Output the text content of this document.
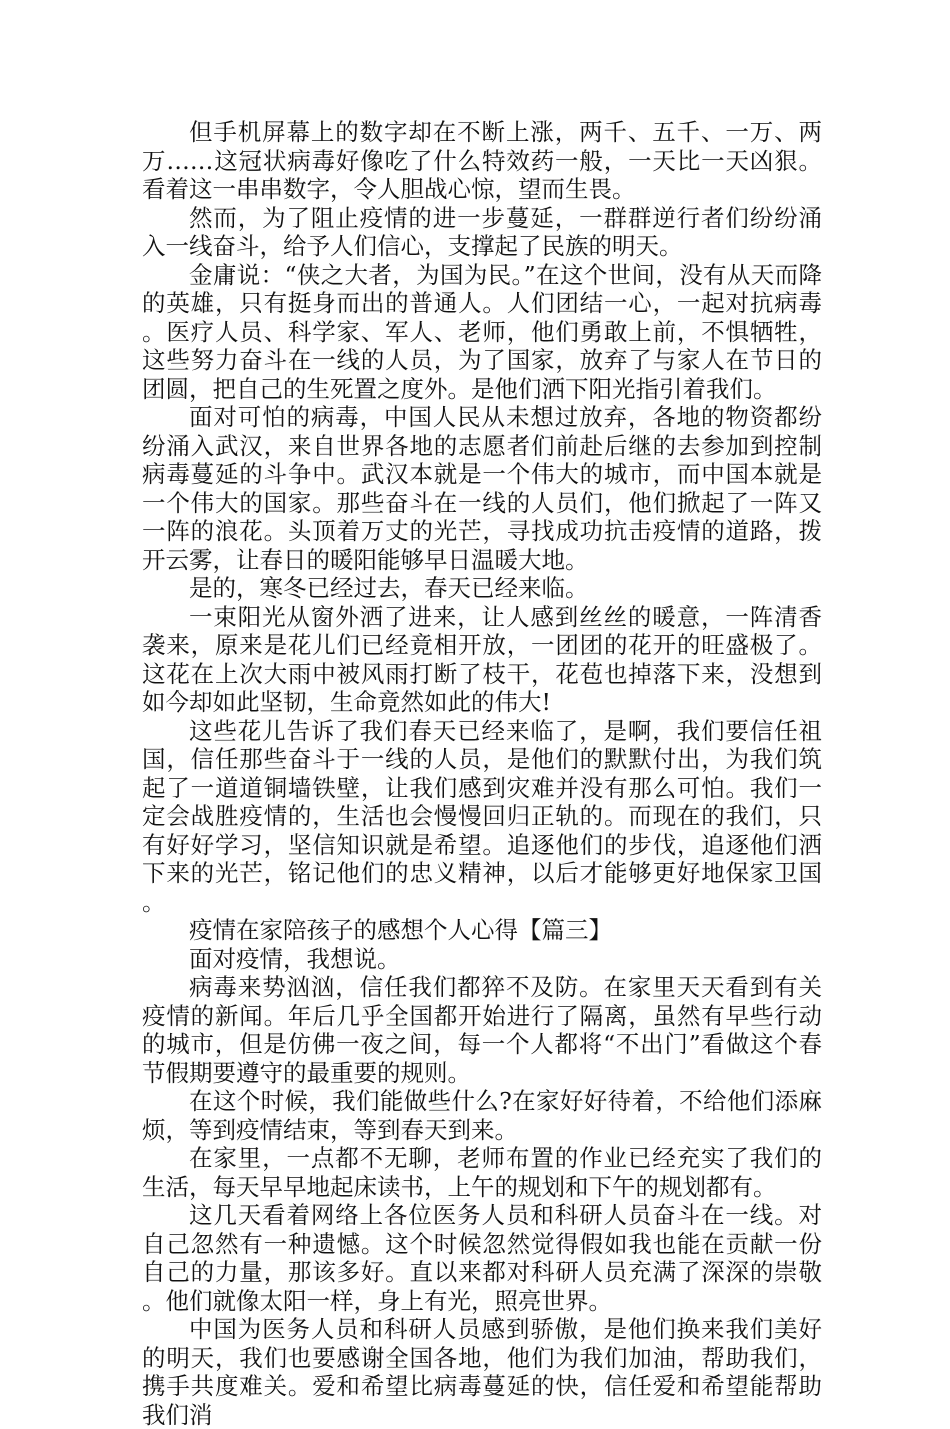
但手机屏幕上的数字却在不断上涨，两千、五千、一万、两万……这冠状病毒好像吃了什么特效药一般，一天比一天凶狠。看着这一串串数字，令人胆战心惊，望而生畏。

然而，为了阻止疫情的进一步蔓延，一群群逆行者们纷纷涌入一线奋斗，给予人们信心，支撑起了民族的明天。

金庸说：“侠之大者，为国为民。”在这个世间，没有从天而降的英雄，只有挺身而出的普通人。人们团结一心，一起对抗病毒。医疗人员、科学家、军人、老师，他们勇敢上前，不惧牺牲，这些努力奋斗在一线的人员，为了国家，放弃了与家人在节日的团圆，把自己的生死置之度外。是他们洒下阳光指引着我们。

面对可怕的病毒，中国人民从未想过放弃，各地的物资都纷纷涌入武汉，来自世界各地的志愿者们前赴后继的去参加到控制病毒蔓延的斗争中。武汉本就是一个伟大的城市，而中国本就是一个伟大的国家。那些奋斗在一线的人员们，他们掀起了一阵又一阵的浪花。头顶着万丈的光芒，寻找成功抗击疫情的道路，拨开云雾，让春日的暖阳能够早日温暖大地。

是的，寒冬已经过去，春天已经来临。

一束阳光从窗外洒了进来，让人感到丝丝的暖意，一阵清香袭来，原来是花儿们已经竟相开放，一团团的花开的旺盛极了。这花在上次大雨中被风雨打断了枝干，花苞也掉落下来，没想到如今却如此坚韧，生命竟然如此的伟大!

这些花儿告诉了我们春天已经来临了，是啊，我们要信任祖国，信任那些奋斗于一线的人员，是他们的默默付出，为我们筑起了一道道铜墙铁壁，让我们感到灾难并没有那么可怕。我们一定会战胜疫情的，生活也会慢慢回归正轨的。而现在的我们，只有好好学习，坚信知识就是希望。追逐他们的步伐，追逐他们洒下来的光芒，铭记他们的忠义精神，以后才能够更好地保家卫国。

疫情在家陪孩子的感想个人心得【篇三】

面对疫情，我想说。

病毒来势汹汹，信任我们都猝不及防。在家里天天看到有关疫情的新闻。年后几乎全国都开始进行了隔离，虽然有早些行动的城市，但是仿佛一夜之间，每一个人都将“不出门”看做这个春节假期要遵守的最重要的规则。

在这个时候，我们能做些什么?在家好好待着，不给他们添麻烦，等到疫情结束，等到春天到来。

在家里，一点都不无聊，老师布置的作业已经充实了我们的生活，每天早早地起床读书，上午的规划和下午的规划都有。

这几天看着网络上各位医务人员和科研人员奋斗在一线。对自己忽然有一种遗憾。这个时候忽然觉得假如我也能在贡献一份自己的力量，那该多好。直以来都对科研人员充满了深深的崇敬。他们就像太阳一样，身上有光，照亮世界。

中国为医务人员和科研人员感到骄傲，是他们换来我们美好的明天，我们也要感谢全国各地，他们为我们加油，帮助我们，携手共度难关。爱和希望比病毒蔓延的快，信任爱和希望能帮助我们消
